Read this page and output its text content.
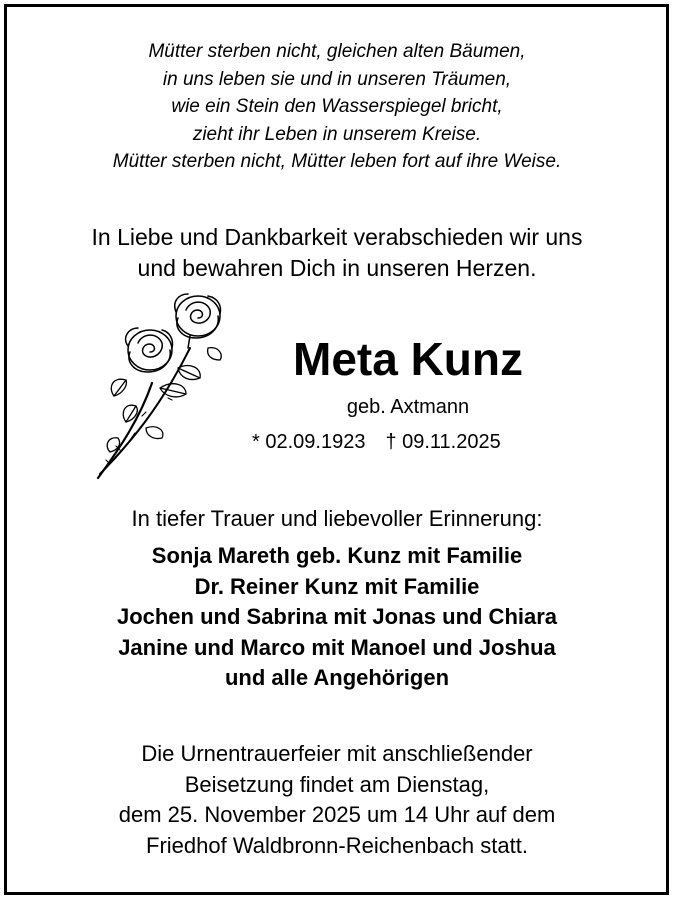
Mütter sterben nicht, gleichen alten Bäumen,
in uns leben sie und in unseren Träumen,
wie ein Stein den Wasserspiegel bricht,
zieht ihr Leben in unserem Kreise.
Mütter sterben nicht, Mütter leben fort auf ihre Weise.
In Liebe und Dankbarkeit verabschieden wir uns
und bewahren Dich in unseren Herzen.
Meta Kunz
geb. Axtmann
* 02.09.1923 † 09.11.2025
In tiefer Trauer und liebevoller Erinnerung:
Sonja Mareth geb. Kunz mit Familie
Dr. Reiner Kunz mit Familie
Jochen und Sabrina mit Jonas und Chiara
Janine und Marco mit Manoel und Joshua
und alle Angehörigen
Die Urnentrauerfeier mit anschließender
Beisetzung findet am Dienstag,
dem 25. November 2025 um 14 Uhr auf dem
Friedhof Waldbronn-Reichenbach statt.
